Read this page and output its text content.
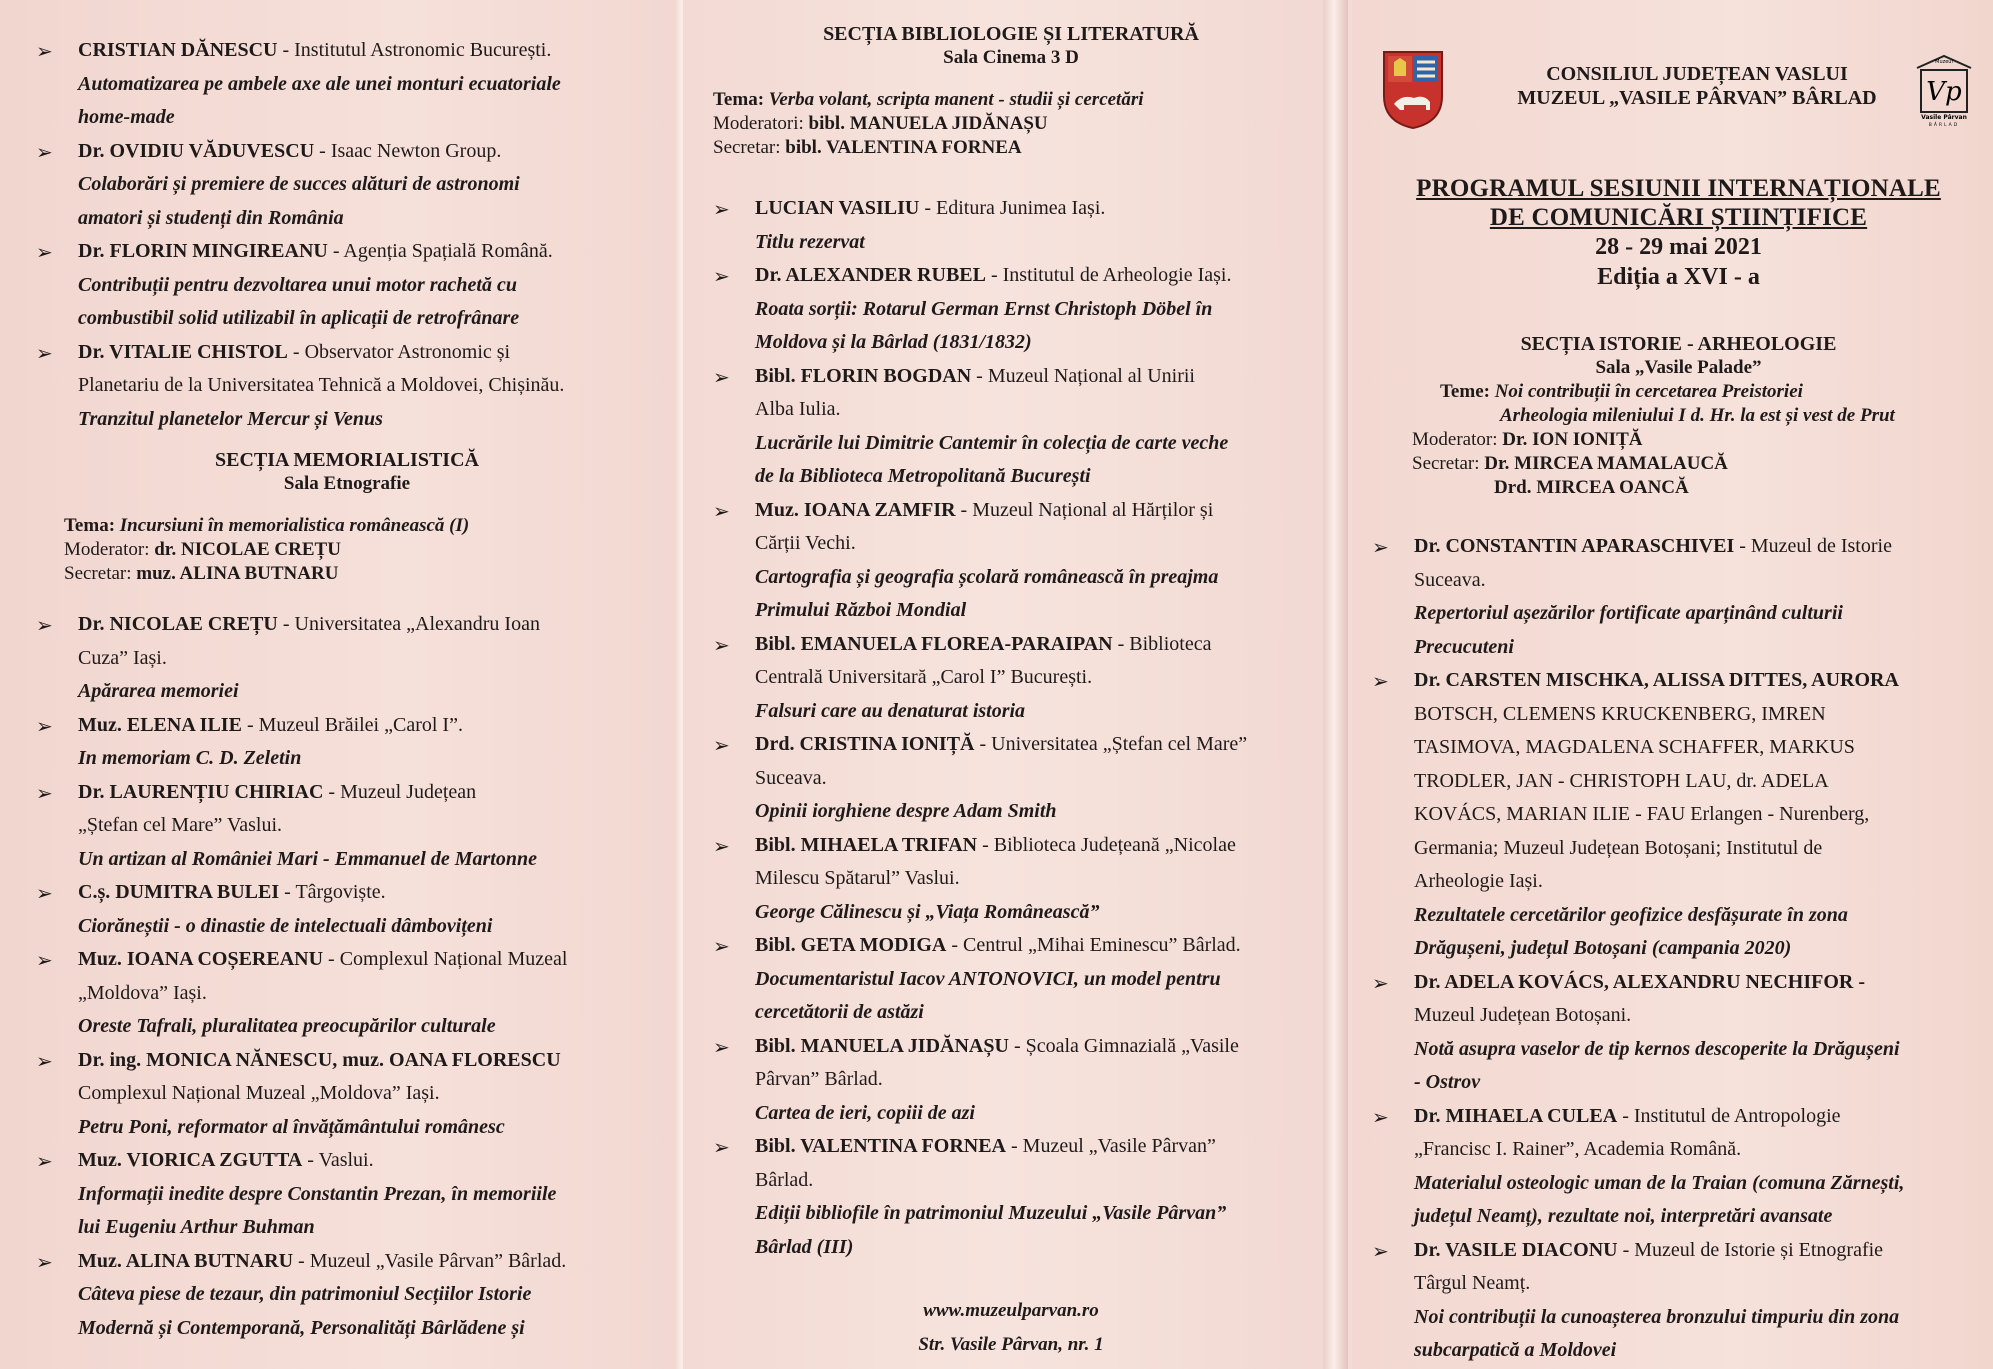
➢ CRISTIAN DĂNESCU - Institutul Astronomic București.
Automatizarea pe ambele axe ale unei monturi ecuatoriale
home-made
➢ Dr. OVIDIU VĂDUVESCU - Isaac Newton Group.
Colaborări și premiere de succes alături de astronomi
amatori și studenți din România
➢ Dr. FLORIN MINGIREANU - Agenția Spațială Română.
Contribuții pentru dezvoltarea unui motor rachetă cu
combustibil solid utilizabil în aplicații de retrofrânare
➢ Dr. VITALIE CHISTOL - Observator Astronomic și
Planetariu de la Universitatea Tehnică a Moldovei, Chișinău.
Tranzitul planetelor Mercur și Venus
SECȚIA MEMORIALISTICĂ
Sala Etnografie
Tema: Incursiuni în memorialistica românească (I)
Moderator: dr. NICOLAE CREȚU
Secretar: muz. ALINA BUTNARU
➢ Dr. NICOLAE CREȚU - Universitatea „Alexandru Ioan
Cuza” Iași.
Apărarea memoriei
➢ Muz. ELENA ILIE - Muzeul Brăilei „Carol I”.
In memoriam C. D. Zeletin
➢ Dr. LAURENȚIU CHIRIAC - Muzeul Județean
„Ștefan cel Mare” Vaslui.
Un artizan al României Mari - Emmanuel de Martonne
➢ C.ș. DUMITRA BULEI - Târgoviște.
Ciorăneștii - o dinastie de intelectuali dâmbovițeni
➢ Muz. IOANA COȘEREANU - Complexul Național Muzeal
„Moldova” Iași.
Oreste Tafrali, pluralitatea preocupărilor culturale
➢ Dr. ing. MONICA NĂNESCU, muz. OANA FLORESCU
Complexul Național Muzeal „Moldova” Iași.
Petru Poni, reformator al învățământului românesc
➢ Muz. VIORICA ZGUTTA - Vaslui.
Informații inedite despre Constantin Prezan, în memoriile
lui Eugeniu Arthur Buhman
➢ Muz. ALINA BUTNARU - Muzeul „Vasile Pârvan” Bârlad.
Câteva piese de tezaur, din patrimoniul Secțiilor Istorie
Modernă și Contemporană, Personalități Bârlădene și
SECȚIA BIBLIOLOGIE ȘI LITERATURĂ
Sala Cinema 3 D
Tema: Verba volant, scripta manent - studii și cercetări
Moderatori: bibl. MANUELA JIDĂNAȘU
Secretar: bibl. VALENTINA FORNEA
➢ LUCIAN VASILIU - Editura Junimea Iași.
Titlu rezervat
➢ Dr. ALEXANDER RUBEL - Institutul de Arheologie Iași.
Roata sorții: Rotarul German Ernst Christoph Döbel în
Moldova și la Bârlad (1831/1832)
➢ Bibl. FLORIN BOGDAN - Muzeul Național al Unirii
Alba Iulia.
Lucrările lui Dimitrie Cantemir în colecția de carte veche
de la Biblioteca Metropolitană București
➢ Muz. IOANA ZAMFIR - Muzeul Național al Hărților și
Cărții Vechi.
Cartografia și geografia școlară românească în preajma
Primului Război Mondial
➢ Bibl. EMANUELA FLOREA-PARAIPAN - Biblioteca
Centrală Universitară „Carol I” București.
Falsuri care au denaturat istoria
➢ Drd. CRISTINA IONIȚĂ - Universitatea „Ștefan cel Mare”
Suceava.
Opinii iorghiene despre Adam Smith
➢ Bibl. MIHAELA TRIFAN - Biblioteca Județeană „Nicolae
Milescu Spătarul” Vaslui.
George Călinescu și „Viața Românească”
➢ Bibl. GETA MODIGA - Centrul „Mihai Eminescu” Bârlad.
Documentaristul Iacov ANTONOVICI, un model pentru
cercetătorii de astăzi
➢ Bibl. MANUELA JIDĂNAȘU - Școala Gimnazială „Vasile
Pârvan” Bârlad.
Cartea de ieri, copiii de azi
➢ Bibl. VALENTINA FORNEA - Muzeul „Vasile Pârvan”
Bârlad.
Ediții bibliofile în patrimoniul Muzeului „Vasile Pârvan”
Bârlad (III)
www.muzeulparvan.ro
Str. Vasile Pârvan, nr. 1
CONSILIUL JUDEȚEAN VASLUI
MUZEUL „VASILE PÂRVAN” BÂRLAD
Muzeul
Vp
Vasile Pârvan
BÂRLAD
PROGRAMUL SESIUNII INTERNAȚIONALE
DE COMUNICĂRI ȘTIINȚIFICE
28 - 29 mai 2021
Ediția a XVI - a
SECȚIA ISTORIE - ARHEOLOGIE
Sala „Vasile Palade”
Teme: Noi contribuții în cercetarea Preistoriei
Arheologia mileniului I d. Hr. la est și vest de Prut
Moderator: Dr. ION IONIȚĂ
Secretar: Dr. MIRCEA MAMALAUCĂ
Drd. MIRCEA OANCĂ
➢ Dr. CONSTANTIN APARASCHIVEI - Muzeul de Istorie
Suceava.
Repertoriul așezărilor fortificate aparținând culturii
Precucuteni
➢ Dr. CARSTEN MISCHKA, ALISSA DITTES, AURORA
BOTSCH, CLEMENS KRUCKENBERG, IMREN
TASIMOVA, MAGDALENA SCHAFFER, MARKUS
TRODLER, JAN - CHRISTOPH LAU, dr. ADELA
KOVÁCS, MARIAN ILIE - FAU Erlangen - Nurenberg,
Germania; Muzeul Județean Botoșani; Institutul de
Arheologie Iași.
Rezultatele cercetărilor geofizice desfășurate în zona
Drăgușeni, județul Botoșani (campania 2020)
➢ Dr. ADELA KOVÁCS, ALEXANDRU NECHIFOR -
Muzeul Județean Botoșani.
Notă asupra vaselor de tip kernos descoperite la Drăgușeni
- Ostrov
➢ Dr. MIHAELA CULEA - Institutul de Antropologie
„Francisc I. Rainer”, Academia Română.
Materialul osteologic uman de la Traian (comuna Zărnești,
județul Neamț), rezultate noi, interpretări avansate
➢ Dr. VASILE DIACONU - Muzeul de Istorie și Etnografie
Târgul Neamț.
Noi contribuții la cunoașterea bronzului timpuriu din zona
subcarpatică a Moldovei
